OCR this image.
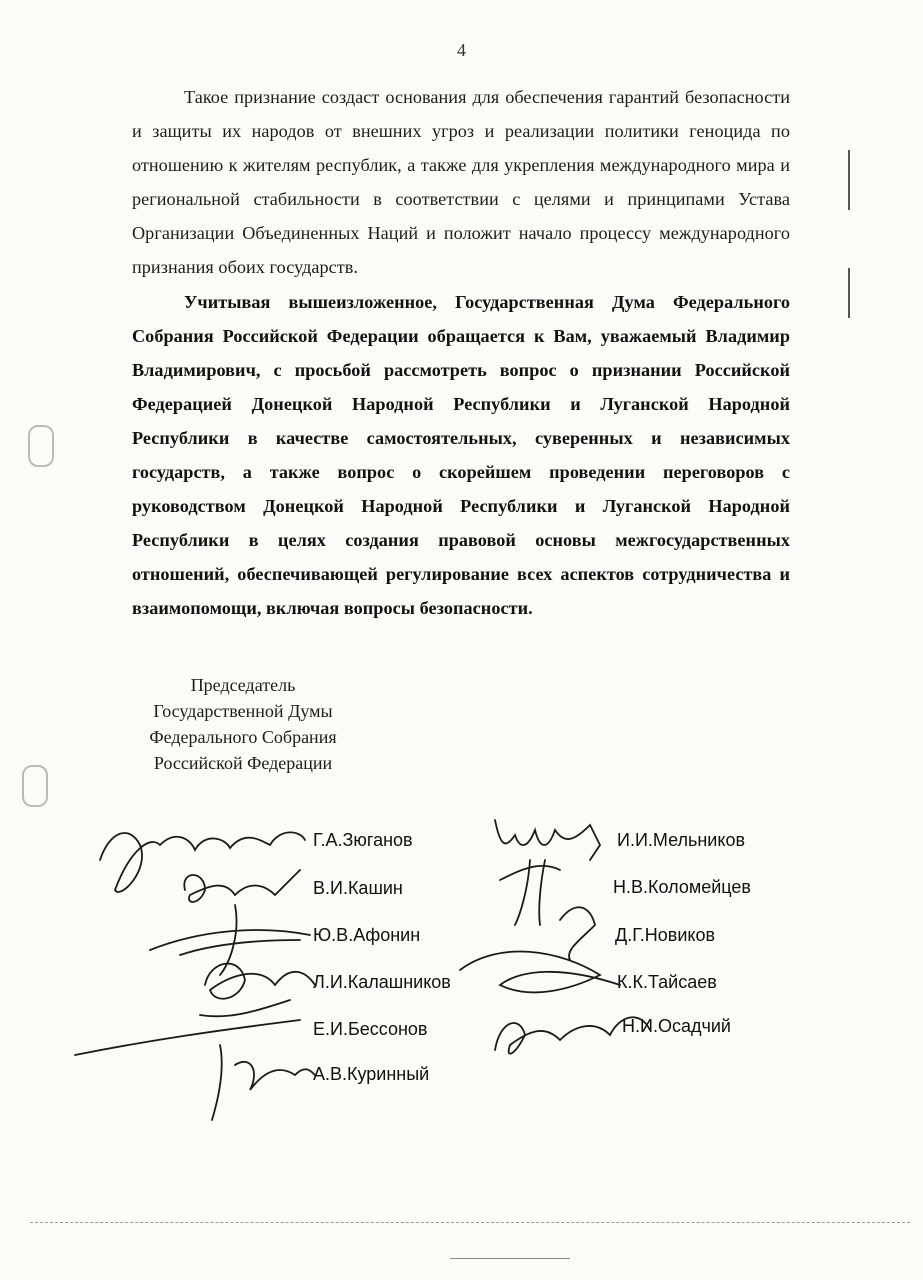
4

Такое признание создаст основания для обеспечения гарантий безопасности и защиты их народов от внешних угроз и реализации политики геноцида по отношению к жителям республик, а также для укрепления международного мира и региональной стабильности в соответствии с целями и принципами Устава Организации Объединенных Наций и положит начало процессу международного признания обоих государств.

Учитывая вышеизложенное, Государственная Дума Федерального Собрания Российской Федерации обращается к Вам, уважаемый Владимир Владимирович, с просьбой рассмотреть вопрос о признании Российской Федерацией Донецкой Народной Республики и Луганской Народной Республики в качестве самостоятельных, суверенных и независимых государств, а также вопрос о скорейшем проведении переговоров с руководством Донецкой Народной Республики и Луганской Народной Республики в целях создания правовой основы межгосударственных отношений, обеспечивающей регулирование всех аспектов сотрудничества и взаимопомощи, включая вопросы безопасности.

Председатель
Государственной Думы
Федерального Собрания
Российской Федерации
Г.А.Зюганов
В.И.Кашин
Ю.В.Афонин
Л.И.Калашников
Е.И.Бессонов
А.В.Куринный
И.И.Мельников
Н.В.Коломейцев
Д.Г.Новиков
К.К.Тайсаев
Н.И.Осадчий
